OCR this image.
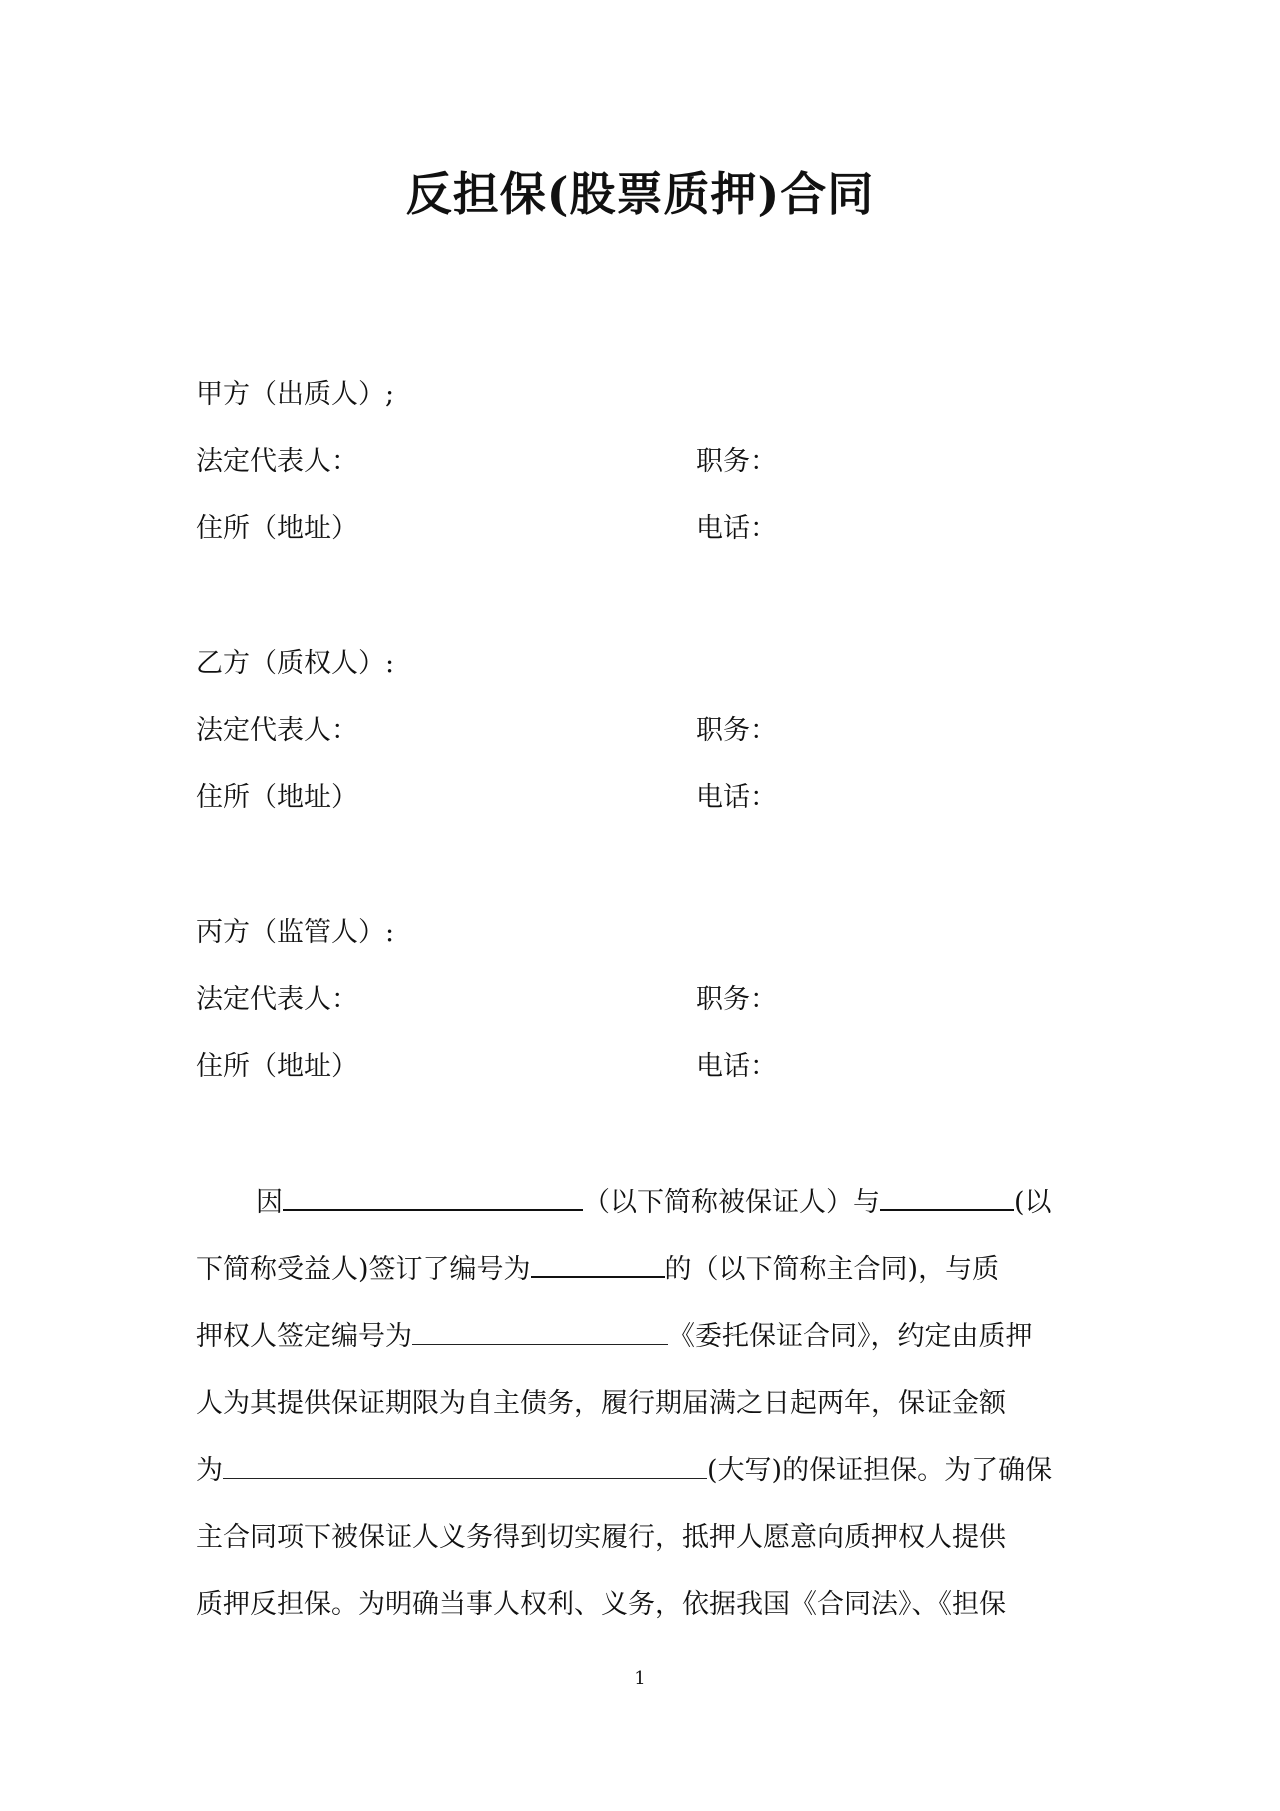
反担保(股票质押)合同
甲方（出质人）;
法定代表人：	职务：
住所（地址）	电话：
乙方（质权人）:
法定代表人：	职务：
住所（地址）	电话：
丙方（监管人）:
法定代表人：	职务：
住所（地址）	电话：
因	（以下简称被保证人）与	(以
下简称受益人)签订了编号为	的（以下简称主合同)，与质
押权人签定编号为	《委托保证合同》，约定由质押
人为其提供保证期限为自主债务，履行期届满之日起两年，保证金额
为	(大写)的保证担保。为了确保
主合同项下被保证人义务得到切实履行，抵押人愿意向质押权人提供
质押反担保。为明确当事人权利、义务，依据我国《合同法》、《担保
1
